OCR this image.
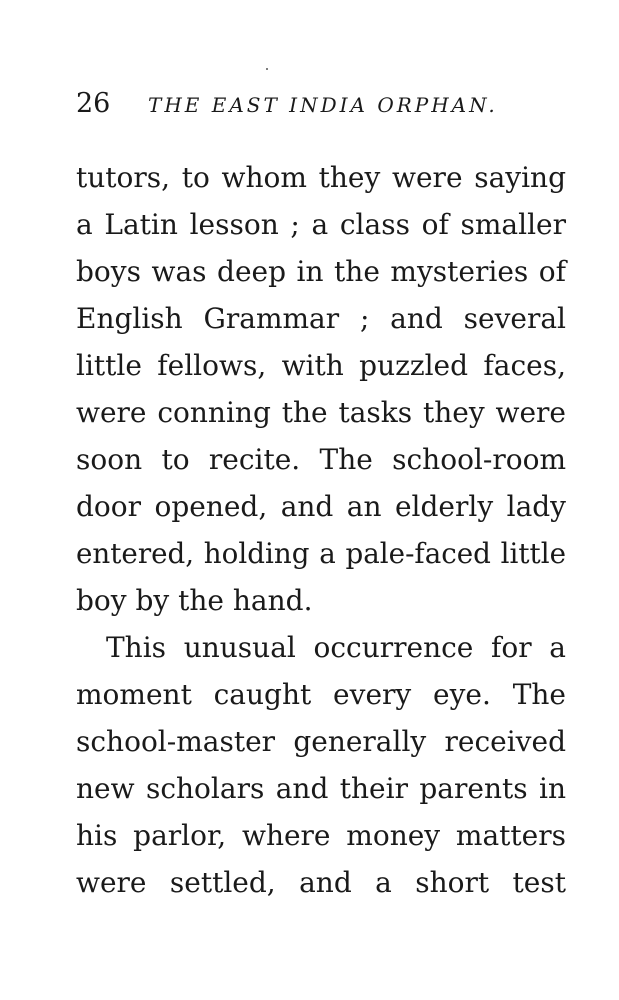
26 THE EAST INDIA ORPHAN.
tutors, to whom they were saying
a Latin lesson ; a class of smaller
boys was deep in the mysteries of
English Grammar ; and several
little fellows, with puzzled faces,
were conning the tasks they were
soon to recite. The school-room
door opened, and an elderly lady
entered, holding a pale-faced little
boy by the hand.
This unusual occurrence for a
moment caught every eye. The
school-master generally received
new scholars and their parents in
his parlor, where money matters
were settled, and a short test
